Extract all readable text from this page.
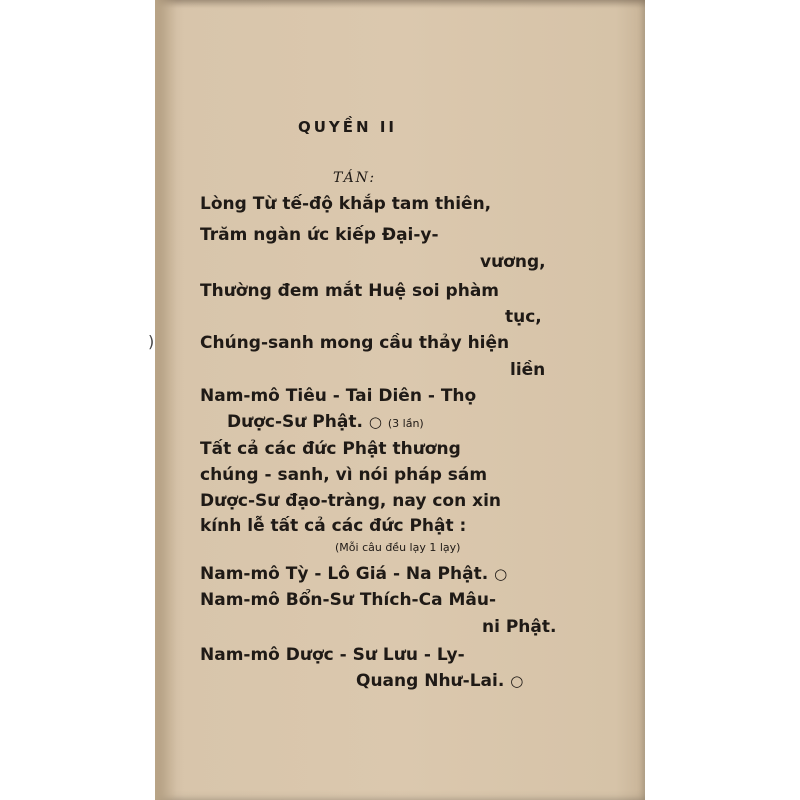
QUYỀN II
TÁN:
Lòng Từ tế-độ khắp tam thiên,
Trăm ngàn ức kiếp Đại-y-
vương,
Thường đem mắt Huệ soi phàm
tục,
Chúng-sanh mong cầu thảy hiện
liền
Nam-mô Tiêu - Tai Diên - Thọ
Dược-Sư Phật. ○ (3 lần)
Tất cả các đức Phật thương
chúng - sanh, vì nói pháp sám
Dược-Sư đạo-tràng, nay con xin
kính lễ tất cả các đức Phật :
(Mỗi câu đều lạy 1 lạy)
Nam-mô Tỳ - Lô Giá - Na Phật. ○
Nam-mô Bổn-Sư Thích-Ca Mâu-
ni Phật.
Nam-mô Dược - Sư Lưu - Ly-
Quang Như-Lai. ○
)
